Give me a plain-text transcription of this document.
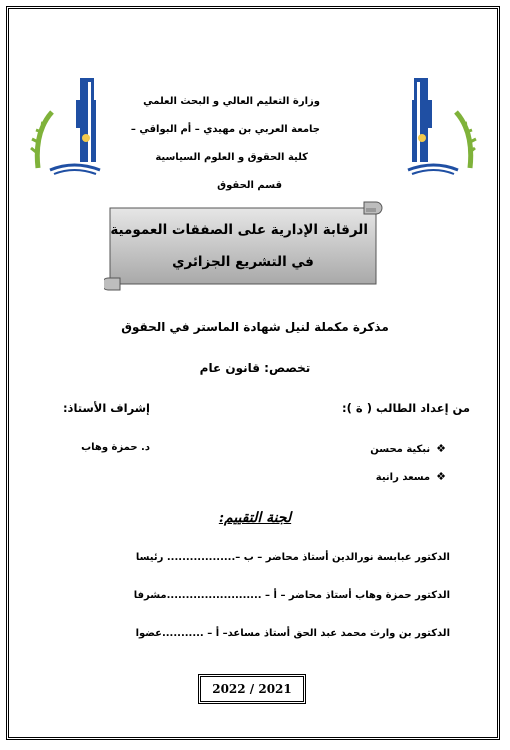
وزارة التعليم العالي و البحث العلمي
جامعة العربي بن مهيدي – أم البواقي –
كلية الحقوق و العلوم السياسية
قسم الحقوق
الرقابة الإدارية على الصفقات العمومية
في التشريع الجزائري
مذكرة مكملة لنيل شهادة الماستر في الحقوق
تخصص: قانون عام
من إعداد الطالب ( ة ):
إشراف الأستاذ:
❖نبكية محسن
د. حمزة وهاب
❖مسعد رانية
لجنة التقييم:
الدكتور عبابسة نورالدين أستاذ محاضر – ب –.................. رئيسا
الدكتور حمزة وهاب أستاذ محاضر – أ – .........................مشرفا
الدكتور بن وارث محمد عبد الحق أستاذ مساعد– أ – ...........عضوا
2022 / 2021
